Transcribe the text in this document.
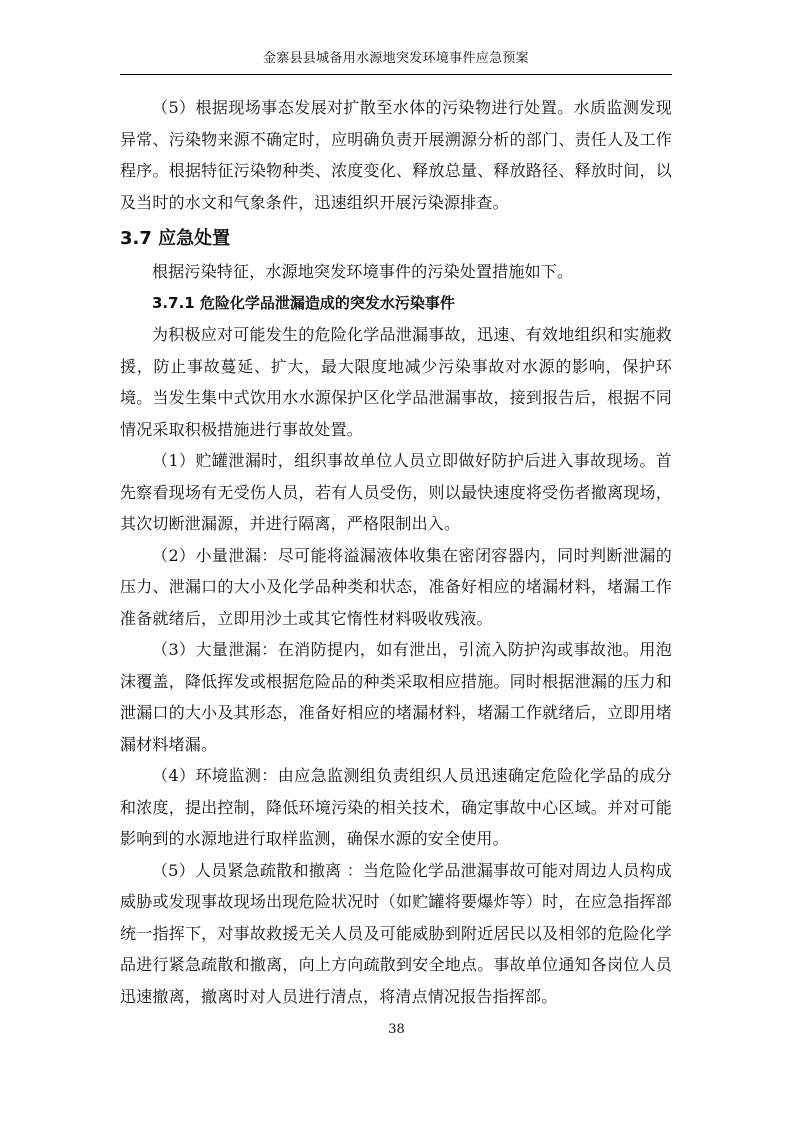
金寨县县城备用水源地突发环境事件应急预案

（5）根据现场事态发展对扩散至水体的污染物进行处置。水质监测发现异常、污染物来源不确定时，应明确负责开展溯源分析的部门、责任人及工作程序。根据特征污染物种类、浓度变化、释放总量、释放路径、释放时间，以及当时的水文和气象条件，迅速组织开展污染源排查。

3.7 应急处置

根据污染特征，水源地突发环境事件的污染处置措施如下。

3.7.1 危险化学品泄漏造成的突发水污染事件

为积极应对可能发生的危险化学品泄漏事故，迅速、有效地组织和实施救援，防止事故蔓延、扩大，最大限度地减少污染事故对水源的影响，保护环境。当发生集中式饮用水水源保护区化学品泄漏事故，接到报告后，根据不同情况采取积极措施进行事故处置。

（1）贮罐泄漏时，组织事故单位人员立即做好防护后进入事故现场。首先察看现场有无受伤人员，若有人员受伤，则以最快速度将受伤者撤离现场，其次切断泄漏源，并进行隔离，严格限制出入。

（2）小量泄漏：尽可能将溢漏液体收集在密闭容器内，同时判断泄漏的压力、泄漏口的大小及化学品种类和状态，准备好相应的堵漏材料，堵漏工作准备就绪后，立即用沙土或其它惰性材料吸收残液。

（3）大量泄漏：在消防提内，如有泄出，引流入防护沟或事故池。用泡沫覆盖，降低挥发或根据危险品的种类采取相应措施。同时根据泄漏的压力和泄漏口的大小及其形态，准备好相应的堵漏材料，堵漏工作就绪后，立即用堵漏材料堵漏。

（4）环境监测：由应急监测组负责组织人员迅速确定危险化学品的成分和浓度，提出控制，降低环境污染的相关技术，确定事故中心区域。并对可能影响到的水源地进行取样监测，确保水源的安全使用。

（5）人员紧急疏散和撤离 ：当危险化学品泄漏事故可能对周边人员构成威胁或发现事故现场出现危险状况时（如贮罐将要爆炸等）时，在应急指挥部统一指挥下，对事故救援无关人员及可能威胁到附近居民以及相邻的危险化学品进行紧急疏散和撤离，向上方向疏散到安全地点。事故单位通知各岗位人员迅速撤离，撤离时对人员进行清点，将清点情况报告指挥部。

38
